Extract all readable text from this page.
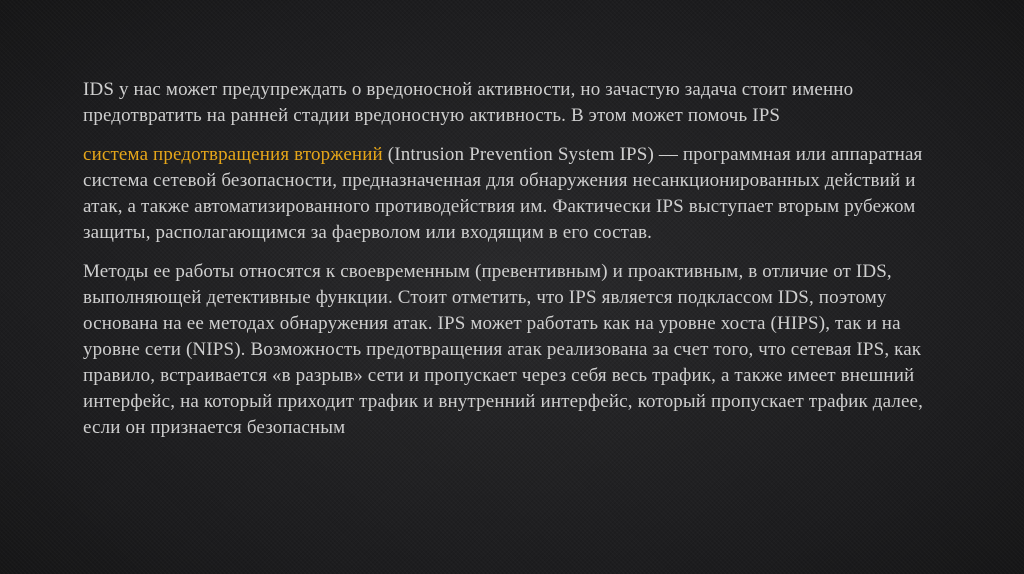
IDS у нас может предупреждать о вредоносной активности, но зачастую задача стоит именно предотвратить на ранней стадии вредоносную активность. В этом может помочь IPS

система предотвращения вторжений (Intrusion Prevention System IPS) — программная или аппаратная система сетевой безопасности, предназначенная для обнаружения несанкционированных действий и атак, а также автоматизированного противодействия им. Фактически IPS выступает вторым рубежом защиты, располагающимся за фаерволом или входящим в его состав.

Методы ее работы относятся к своевременным (превентивным) и проактивным, в отличие от IDS, выполняющей детективные функции. Стоит отметить, что IPS является подклассом IDS, поэтому основана на ее методах обнаружения атак. IPS может работать как на уровне хоста (HIPS), так и на уровне сети (NIPS). Возможность предотвращения атак реализована за счет того, что сетевая IPS, как правило, встраивается «в разрыв» сети и пропускает через себя весь трафик, а также имеет внешний интерфейс, на который приходит трафик и внутренний интерфейс, который пропускает трафик далее, если он признается безопасным
